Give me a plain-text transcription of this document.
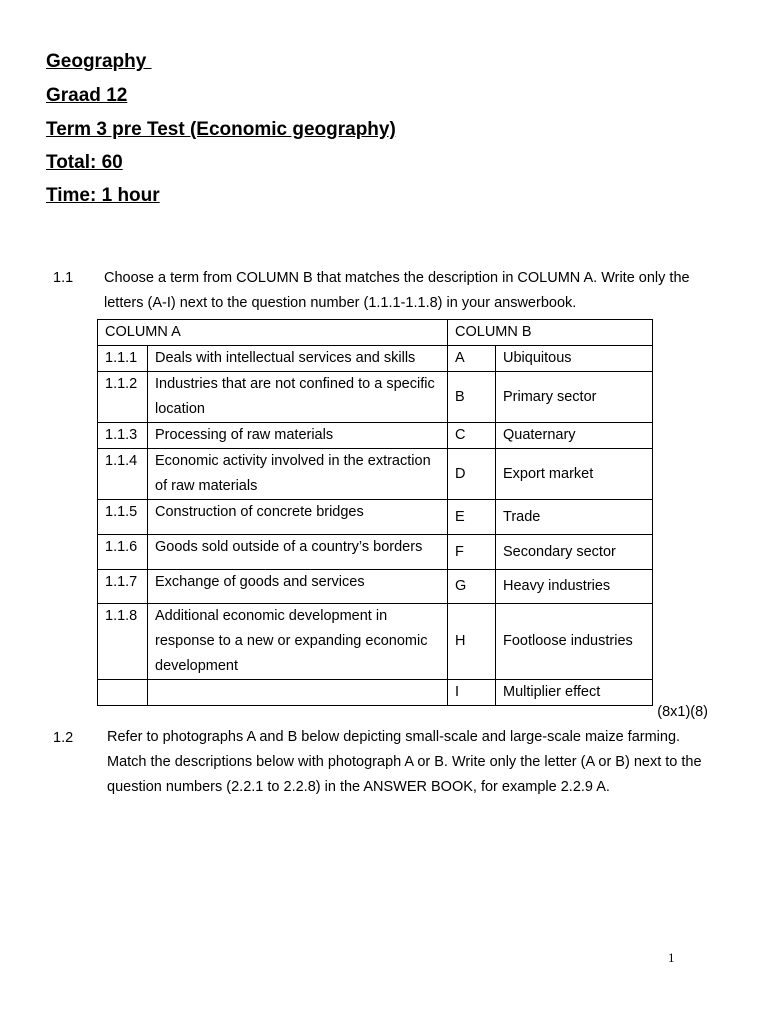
Geography
Graad 12
Term 3 pre Test (Economic geography)
Total: 60
Time: 1 hour
1.1 Choose a term from COLUMN B that matches the description in COLUMN A. Write only the letters (A-I) next to the question number (1.1.1-1.1.8) in your answerbook.
COLUMN A		COLUMN B	
1.1.1	Deals with intellectual services and skills	A	Ubiquitous
1.1.2	Industries that are not confined to a specific location	B	Primary sector
1.1.3	Processing of raw materials	C	Quaternary
1.1.4	Economic activity involved in the extraction of raw materials	D	Export market
1.1.5	Construction of concrete bridges	E	Trade
1.1.6	Goods sold outside of a country’s borders	F	Secondary sector
1.1.7	Exchange of goods and services	G	Heavy industries
1.1.8	Additional economic development in response to a new or expanding economic development	H	Footloose industries
		I	Multiplier effect
(8x1)(8)
1.2 Refer to photographs A and B below depicting small-scale and large-scale maize farming. Match the descriptions below with photograph A or B. Write only the letter (A or B) next to the question numbers (2.2.1 to 2.2.8) in the ANSWER BOOK, for example 2.2.9 A.
1
